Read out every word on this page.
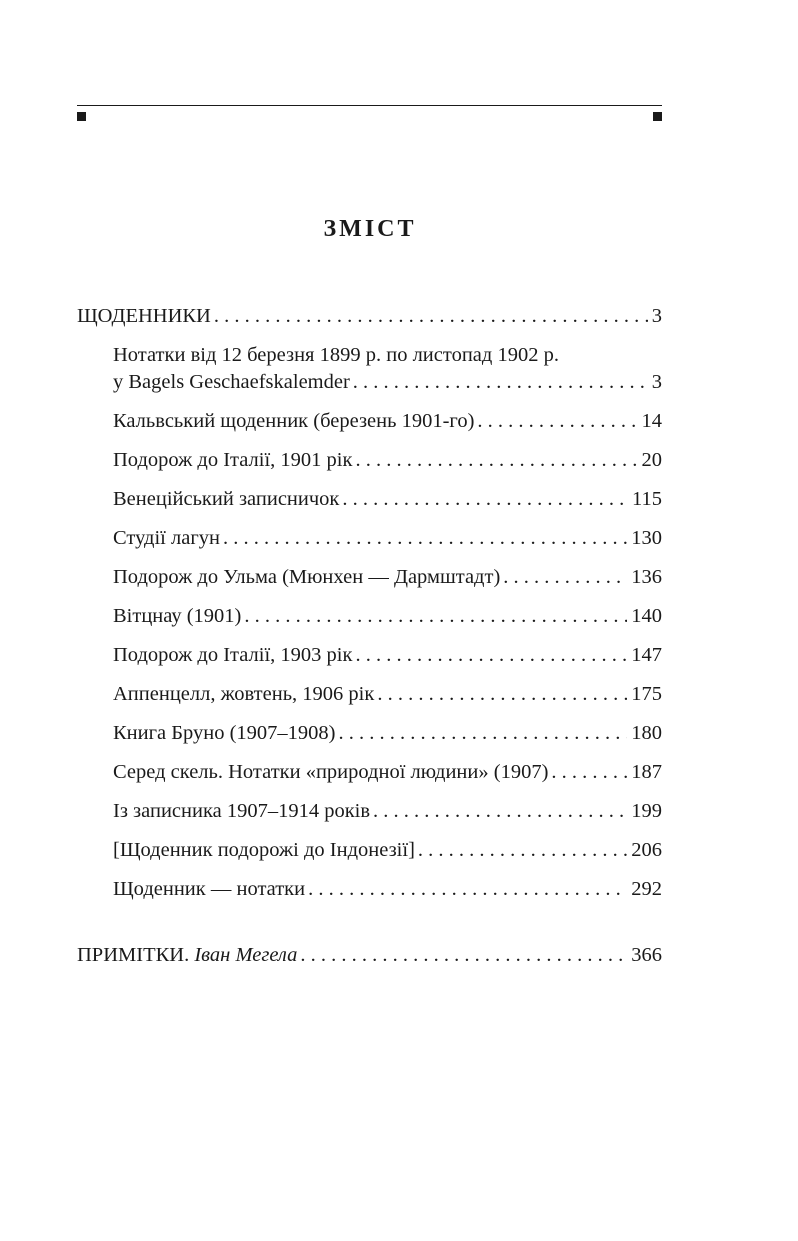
ЗМІСТ
ЩОДЕННИКИ . . .	3
Нотатки від 12 березня 1899 р. по листопад 1902 р.
у Bagels Geschaefskalemder . . .	3
Кальвський щоденник (березень 1901-го) . . .	14
Подорож до Італії, 1901 рік . . .	20
Венеційський записничок . . .	115
Студії лагун . . .	130
Подорож до Ульма (Мюнхен — Дармштадт) . . .	136
Вітцнау (1901) . . .	140
Подорож до Італії, 1903 рік . . .	147
Аппенцелл, жовтень, 1906 рік . . .	175
Книга Бруно (1907–1908) . . .	180
Серед скель. Нотатки «природної людини» (1907) . . .	187
Із записника 1907–1914 років . . .	199
[Щоденник подорожі до Індонезії] . . .	206
Щоденник — нотатки . . .	292
ПРИМІТКИ. Іван Мегела . . .	366
